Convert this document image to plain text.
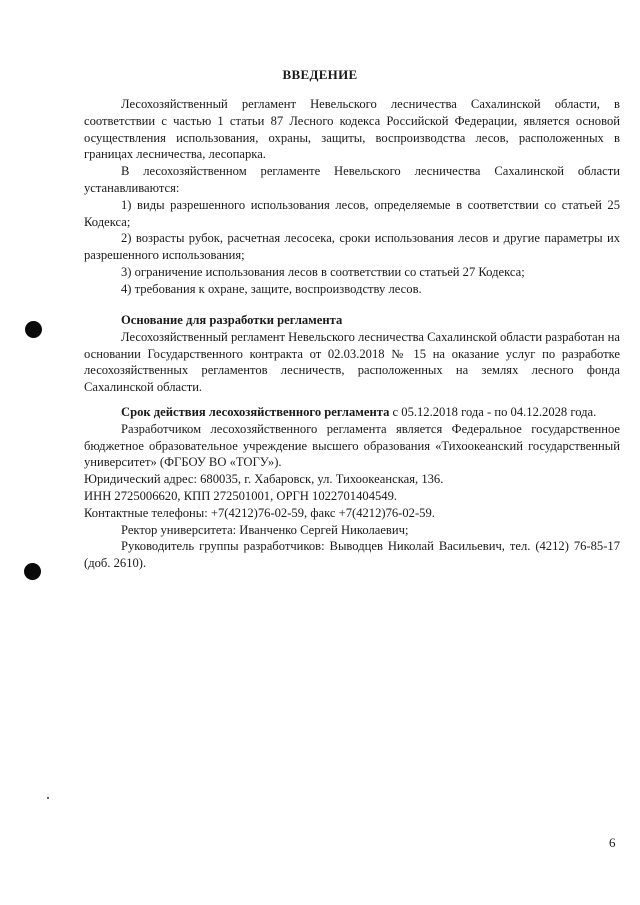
ВВЕДЕНИЕ

Лесохозяйственный регламент Невельского лесничества Сахалинской области, в соответствии с частью 1 статьи 87 Лесного кодекса Российской Федерации, является основой осуществления использования, охраны, защиты, воспроизводства лесов, расположенных в границах лесничества, лесопарка.

В лесохозяйственном регламенте Невельского лесничества Сахалинской области устанавливаются:

1) виды разрешенного использования лесов, определяемые в соответствии со статьей 25 Кодекса;

2) возрасты рубок, расчетная лесосека, сроки использования лесов и другие параметры их разрешенного использования;

3) ограничение использования лесов в соответствии со статьей 27 Кодекса;

4) требования к охране, защите, воспроизводству лесов.

Основание для разработки регламента

Лесохозяйственный регламент Невельского лесничества Сахалинской области разработан на основании Государственного контракта от 02.03.2018 № 15 на оказание услуг по разработке лесохозяйственных регламентов лесничеств, расположенных на землях лесного фонда Сахалинской области.

Срок действия лесохозяйственного регламента с 05.12.2018 года - по 04.12.2028 года.

Разработчиком лесохозяйственного регламента является Федеральное государственное бюджетное образовательное учреждение высшего образования «Тихоокеанский государственный университет» (ФГБОУ ВО «ТОГУ»).

Юридический адрес: 680035, г. Хабаровск, ул. Тихоокеанская, 136.

ИНН 2725006620, КПП 272501001, ОРГН 1022701404549.

Контактные телефоны: +7(4212)76-02-59, факс +7(4212)76-02-59.

Ректор университета: Иванченко Сергей Николаевич;

Руководитель группы разработчиков: Выводцев Николай Васильевич, тел. (4212) 76-85-17 (доб. 2610).

6
